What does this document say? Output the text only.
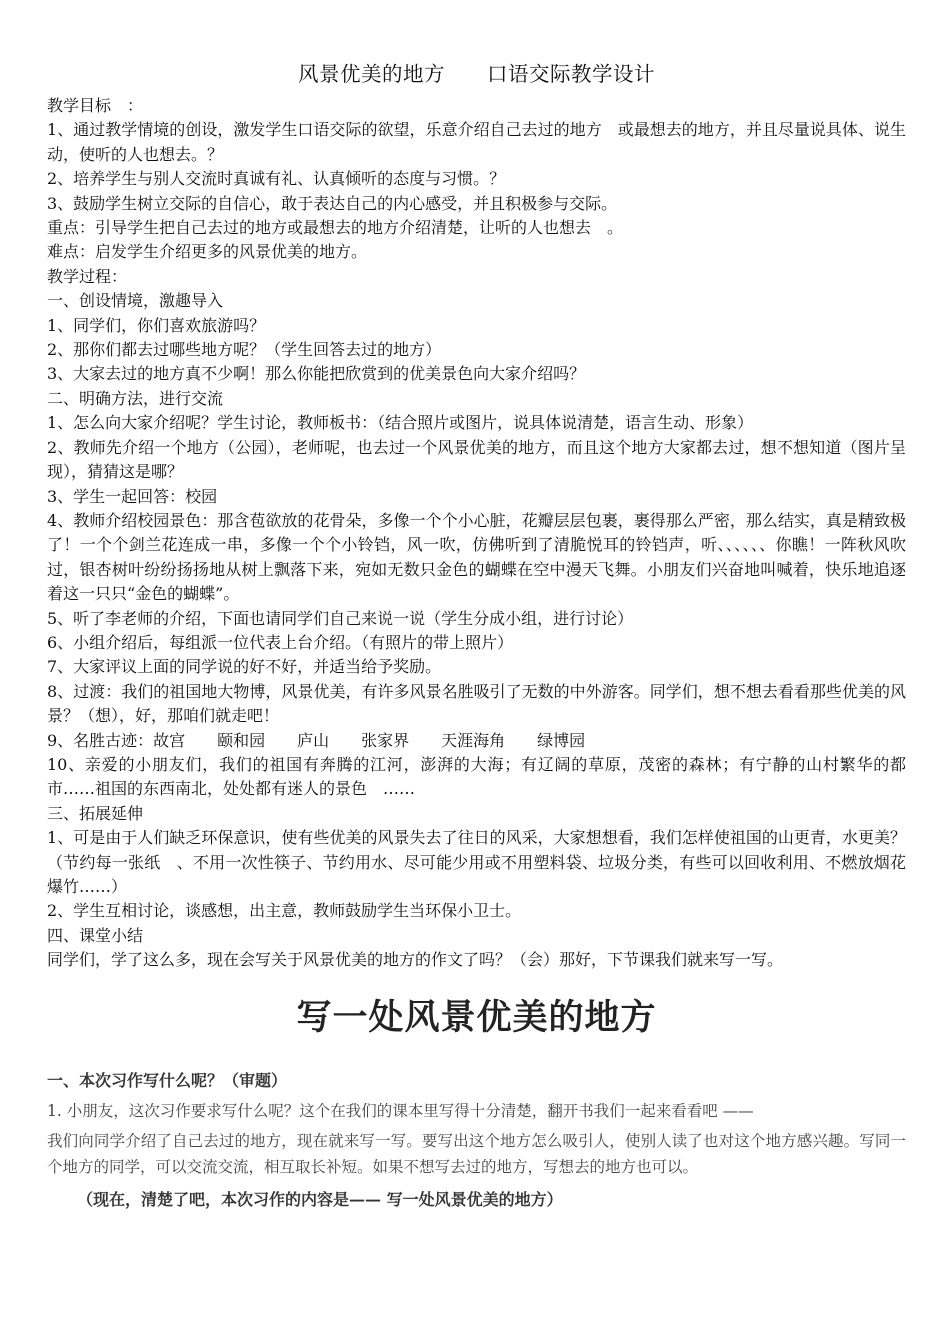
风景优美的地方　　口语交际教学设计

教学目标　：

1、通过教学情境的创设，激发学生口语交际的欲望，乐意介绍自己去过的地方　或最想去的地方，并且尽量说具体、说生动，使听的人也想去。？

2、培养学生与别人交流时真诚有礼、认真倾听的态度与习惯。？

3、鼓励学生树立交际的自信心，敢于表达自己的内心感受，并且积极参与交际。

重点：引导学生把自己去过的地方或最想去的地方介绍清楚，让听的人也想去　。

难点：启发学生介绍更多的风景优美的地方。

教学过程：

一、创设情境，激趣导入

1、同学们，你们喜欢旅游吗？

2、那你们都去过哪些地方呢？（学生回答去过的地方）

3、大家去过的地方真不少啊！那么你能把欣赏到的优美景色向大家介绍吗？

二、明确方法，进行交流

1、怎么向大家介绍呢？学生讨论，教师板书：（结合照片或图片，说具体说清楚，语言生动、形象）

2、教师先介绍一个地方（公园），老师呢，也去过一个风景优美的地方，而且这个地方大家都去过，想不想知道（图片呈现），猜猜这是哪？

3、学生一起回答：校园

4、教师介绍校园景色：那含苞欲放的花骨朵，多像一个个小心脏，花瓣层层包裹，裹得那么严密，那么结实，真是精致极了！一个个剑兰花连成一串，多像一个个小铃铛，风一吹，仿佛听到了清脆悦耳的铃铛声，听、、、、、、你瞧！一阵秋风吹过，银杏树叶纷纷扬扬地从树上飘落下来，宛如无数只金色的蝴蝶在空中漫天飞舞。小朋友们兴奋地叫喊着，快乐地追逐着这一只只“金色的蝴蝶”。

5、听了李老师的介绍，下面也请同学们自己来说一说（学生分成小组，进行讨论）

6、小组介绍后，每组派一位代表上台介绍。（有照片的带上照片）

7、大家评议上面的同学说的好不好，并适当给予奖励。

8、过渡：我们的祖国地大物博，风景优美，有许多风景名胜吸引了无数的中外游客。同学们，想不想去看看那些优美的风景？（想），好，那咱们就走吧！

9、名胜古迹：故宫　　颐和园　　庐山　　张家界　　天涯海角　　绿博园

10、亲爱的小朋友们，我们的祖国有奔腾的江河，澎湃的大海；有辽阔的草原，茂密的森林；有宁静的山村繁华的都市……祖国的东西南北，处处都有迷人的景色　……

三、拓展延伸

1、可是由于人们缺乏环保意识，使有些优美的风景失去了往日的风采，大家想想看，我们怎样使祖国的山更青，水更美？（节约每一张纸　、不用一次性筷子、节约用水、尽可能少用或不用塑料袋、垃圾分类，有些可以回收利用、不燃放烟花爆竹……）

2、学生互相讨论，谈感想，出主意，教师鼓励学生当环保小卫士。

四、课堂小结

同学们，学了这么多，现在会写关于风景优美的地方的作文了吗？（会）那好，下节课我们就来写一写。

写一处风景优美的地方

一、本次习作写什么呢？（审题）

1. 小朋友，这次习作要求写什么呢？这个在我们的课本里写得十分清楚，翻开书我们一起来看看吧 ——
我们向同学介绍了自己去过的地方，现在就来写一写。要写出这个地方怎么吸引人，使别人读了也对这个地方感兴趣。写同一个地方的同学，可以交流交流，相互取长补短。如果不想写去过的地方，写想去的地方也可以。

（现在，清楚了吧，本次习作的内容是—— 写一处风景优美的地方）
